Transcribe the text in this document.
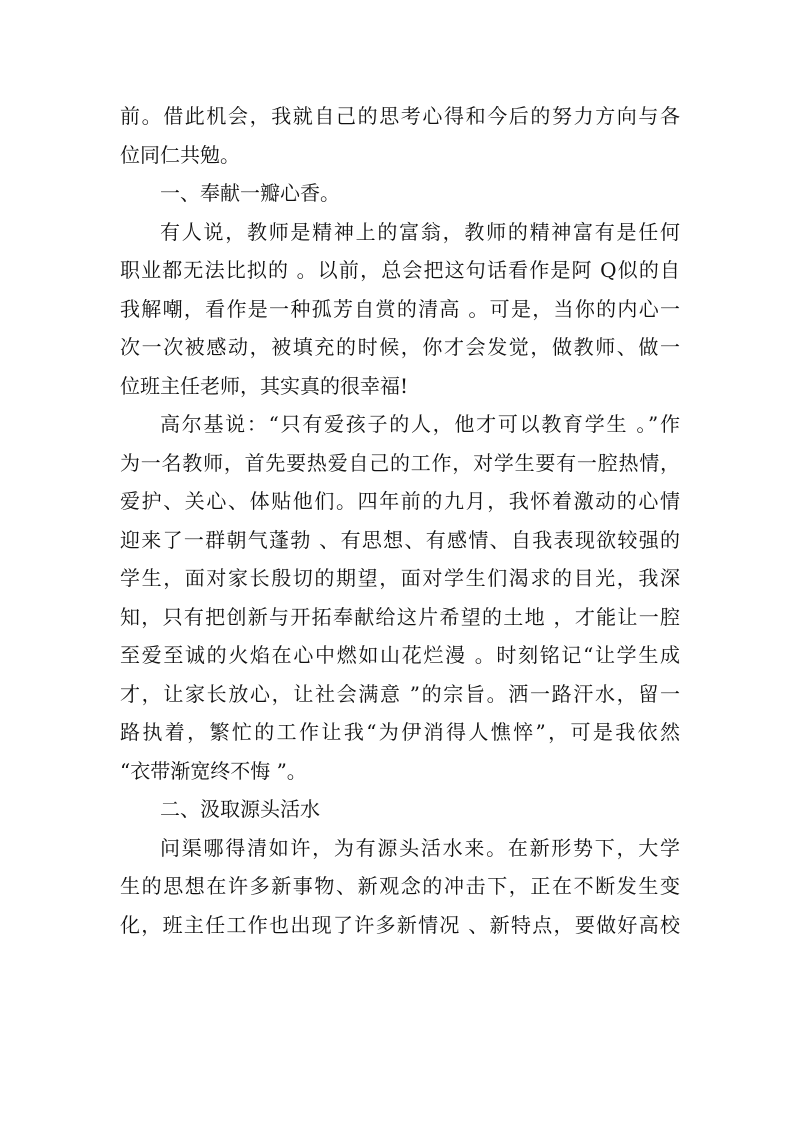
前。借此机会，我就自己的思考心得和今后的努力方向与各
位同仁共勉。
一、奉献一瓣心香。
有人说，教师是精神上的富翁，教师的精神富有是任何
职业都无法比拟的 。以前，总会把这句话看作是阿 Q似的自
我解嘲，看作是一种孤芳自赏的清高 。可是，当你的内心一
次一次被感动，被填充的时候，你才会发觉，做教师、做一
位班主任老师，其实真的很幸福!
高尔基说：“只有爱孩子的人，他才可以教育学生 。”作
为一名教师，首先要热爱自己的工作，对学生要有一腔热情，
爱护、关心、体贴他们。四年前的九月，我怀着激动的心情
迎来了一群朝气蓬勃 、有思想、有感情、自我表现欲较强的
学生，面对家长殷切的期望，面对学生们渴求的目光，我深
知，只有把创新与开拓奉献给这片希望的土地 ，才能让一腔
至爱至诚的火焰在心中燃如山花烂漫 。时刻铭记“让学生成
才，让家长放心，让社会满意 ”的宗旨。洒一路汗水，留一
路执着，繁忙的工作让我“为伊消得人憔悴”，可是我依然
“衣带渐宽终不悔 ”。
二、汲取源头活水
问渠哪得清如许，为有源头活水来。在新形势下，大学
生的思想在许多新事物、新观念的冲击下，正在不断发生变
化，班主任工作也出现了许多新情况 、新特点，要做好高校
